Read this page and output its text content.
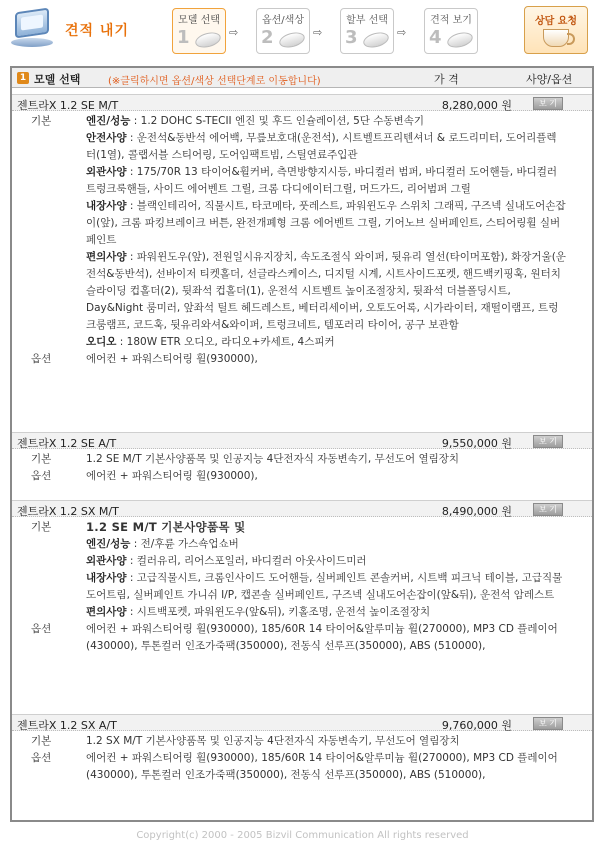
견적 내기
모델 선택
1	⇨
옵션/색상
2	⇨
할부 선택
3	⇨
견적 보기
4
상담 요청
1 모델 선택	(※클릭하시면 옵션/색상 선택단계로 이동합니다)	가 격	사양/옵션
젠트라X 1.2 SE M/T	8,280,000 원	보 기
기본	엔진/성능 : 1.2 DOHC S-TECII 엔진 및 후드 인슐레이션, 5단 수동변속기
안전사양 : 운전석&동반석 에어백, 무릎보호대(운전석), 시트벨트프리텐셔너 & 로드리미터, 도어리플렉터(1열), 콜랩서블 스티어링, 도어임팩트빔, 스틸연료주입관
외관사양 : 175/70R 13 타이어&휠커버, 측면방향지시등, 바디컬러 범퍼, 바디컬러 도어핸들, 바디컬러 트렁크룩핸들, 사이드 에어벤트 그릴, 크롬 다디에이터그릴, 머드가드, 리어범퍼 그릴
내장사양 : 블랙인테리어, 직물시트, 타코메타, 풋레스트, 파워윈도우 스위치 그래픽, 구즈넥 실내도어손잡이(앞), 크롬 파킹브레이크 버튼, 완전개폐형 크롬 에어벤트 그릴, 기어노브 실버페인트, 스티어링휠 실버페인트
편의사양 : 파워윈도우(앞), 전원일시유지장치, 속도조절식 와이퍼, 뒷유리 열선(타이머포함), 화장거울(운전석&동반석), 선바이저 티켓홀더, 선글라스케이스, 디지털 시계, 시트사이드포켓, 핸드백키핑훅, 원터치 슬라이딩 컵홀더(2), 뒷좌석 컵홀더(1), 운전석 시트벨트 높이조절장치, 뒷좌석 더블폴딩시트, Day&Night 룸미러, 앞좌석 틸트 헤드레스트, 베터리세이버, 오토도어록, 시가라이터, 재떨이램프, 트렁크룸램프, 코드훅, 뒷유리와셔&와이퍼, 트렁크네트, 템포러리 타이어, 공구 보관함
오디오 : 180W ETR 오디오, 라디오+카세트, 4스피커
옵션	에어컨 + 파워스티어링 휠(930000),
젠트라X 1.2 SE A/T	9,550,000 원	보 기
기본	1.2 SE M/T 기본사양품목 및 인공지능 4단전자식 자동변속기, 무선도어 열림장치
옵션	에어컨 + 파워스티어링 휠(930000),
젠트라X 1.2 SX M/T	8,490,000 원	보 기
기본	1.2 SE M/T 기본사양품목 및
엔진/성능 : 전/후륜 가스쇽업쇼버
외관사양 : 컬러유리, 리어스포일러, 바디컬러 아웃사이드미러
내장사양 : 고급직물시트, 크롬인사이드 도어핸들, 실버페인트 콘솔커버, 시트백 피크닉 테이블, 고급직물도어트림, 실버페인트 가니쉬 I/P, 캡콘솔 실버페인트, 구즈넥 실내도어손잡이(앞&뒤), 운전석 암레스트
편의사양 : 시트백포켓, 파워윈도우(앞&뒤), 키홀조명, 운전석 높이조절장치
옵션	에어컨 + 파워스티어링 휠(930000), 185/60R 14 타이어&알루미늄 휠(270000), MP3 CD 플레이어(430000), 투톤컬러 인조가죽팩(350000), 전동식 선루프(350000), ABS (510000),
젠트라X 1.2 SX A/T	9,760,000 원	보 기
기본	1.2 SX M/T 기본사양품목 및 인공지능 4단전자식 자동변속기, 무선도어 열림장치
옵션	에어컨 + 파워스티어링 휠(930000), 185/60R 14 타이어&알루미늄 휠(270000), MP3 CD 플레이어(430000), 투톤컬러 인조가죽팩(350000), 전동식 선루프(350000), ABS (510000),
Copyright(c) 2000 - 2005 Bizvil Communication All rights reserved
